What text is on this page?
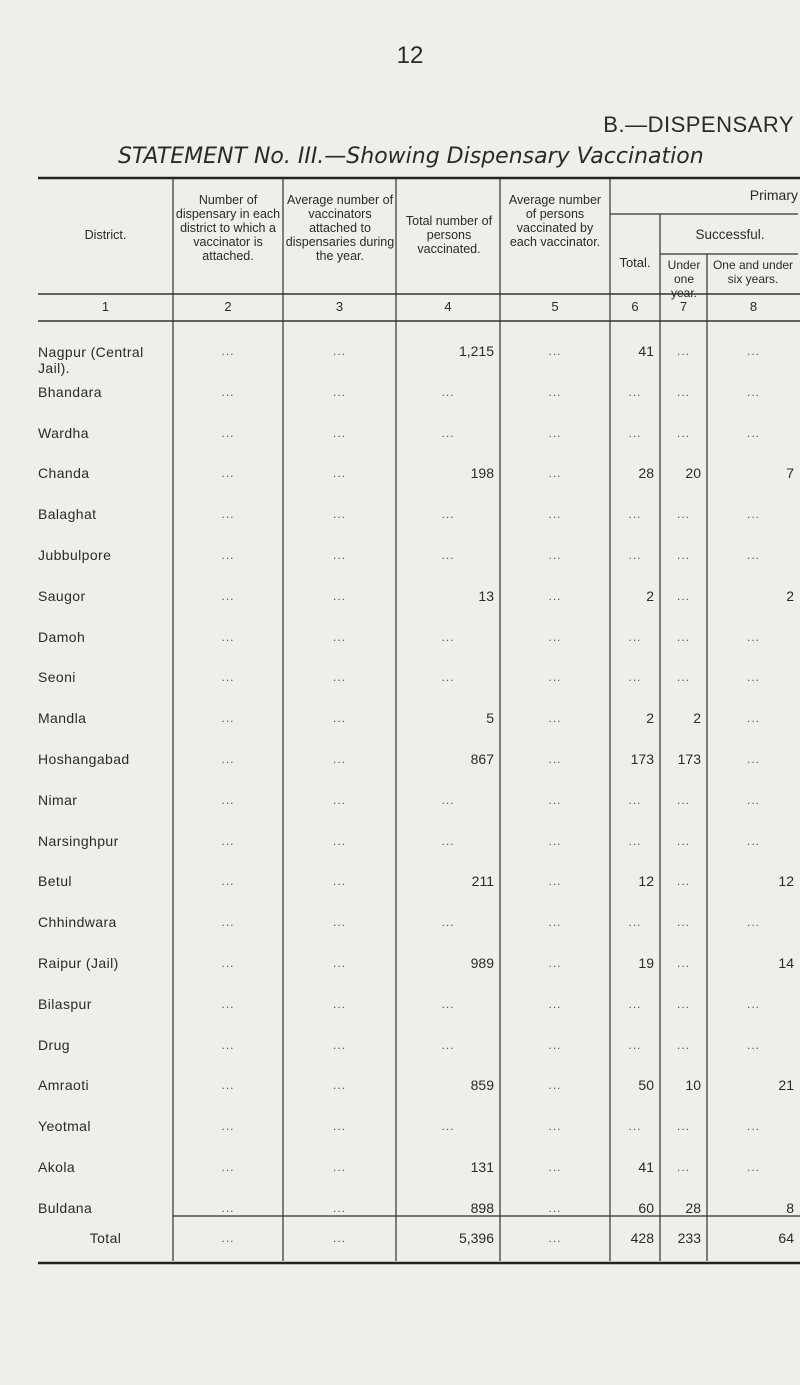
12
B.—DISPENSARY
STATEMENT No. III.—Showing Dispensary Vaccination
District.
Number of dispensary in each district to which a vaccinator is attached.
Average number of vaccinators attached to dispensaries during the year.
Total number of persons vaccinated.
Average number of persons vaccinated by each vaccinator.
Primary
Total.
Successful.
Under one year.
One and under six years.
1	2	3	4	5	6	7	8
Nagpur (Central Jail).
...	...	1,215	...	41	...	...
Bhandara	...	...	...	...	...	...	...
Wardha	...	...	...	...	...	...	...
Chanda	...	...	198	...	28	20	7
Balaghat	...	...	...	...	...	...	...
Jubbulpore	...	...	...	...	...	...	...
Saugor	...	...	13	...	2	...	2
Damoh	...	...	...	...	...	...	...
Seoni	...	...	...	...	...	...	...
Mandla	...	...	5	...	2	2	...
Hoshangabad	...	...	867	...	173	173	...
Nimar	...	...	...	...	...	...	...
Narsinghpur	...	...	...	...	...	...	...
Betul	...	...	211	...	12	...	12
Chhindwara	...	...	...	...	...	...	...
Raipur (Jail)	...	...	989	...	19	...	14
Bilaspur	...	...	...	...	...	...	...
Drug	...	...	...	...	...	...	...
Amraoti	...	...	859	...	50	10	21
Yeotmal	...	...	...	...	...	...	...
Akola	...	...	131	...	41	...	...
Buldana	...	...	898	...	60	28	8
Total	...	...	5,396	...	428	233	64
